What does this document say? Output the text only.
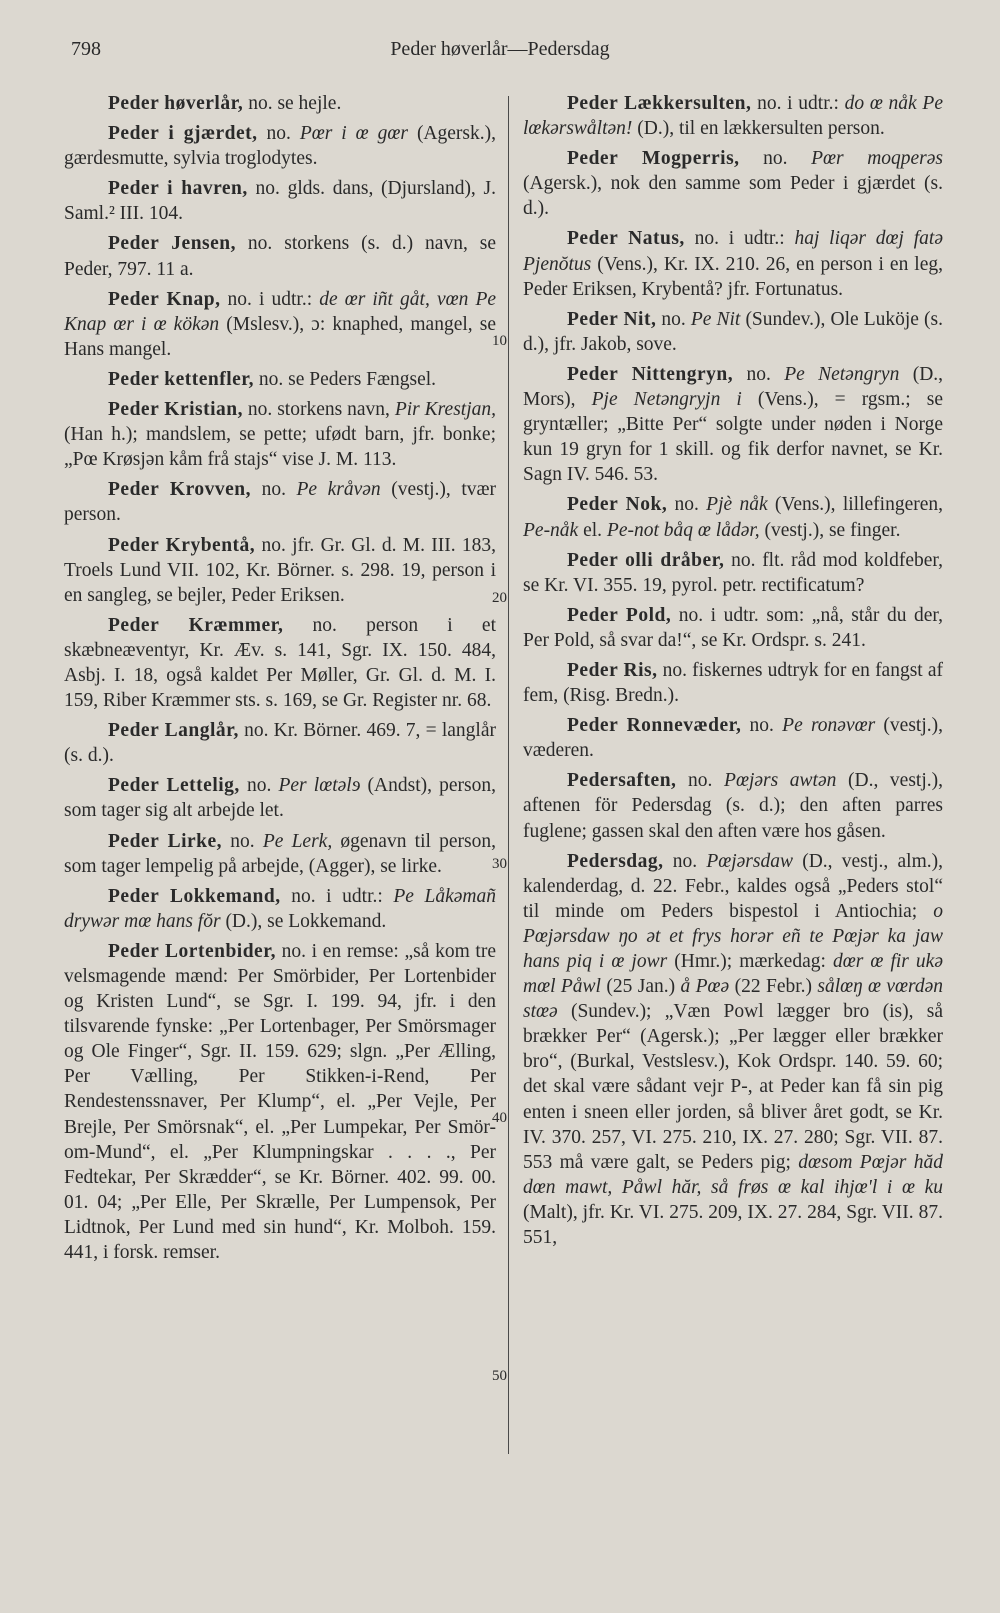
Peder høverlår—Pedersdag
798

Peder høverlår, no. se hejle.

Peder i gjærdet, no. Pœr i œ gœr (Agersk.), gærdesmutte, sylvia troglodytes.

Peder i havren, no. glds. dans, (Djursland), J. Saml.² III. 104.

Peder Jensen, no. storkens (s. d.) navn, se Peder, 797. 11 a.

Peder Knap, no. i udtr.: de œr iñt gåt, vœn Pe Knap œr i œ kökən (Mslesv.), ɔ: knaphed, mangel, se Hans mangel.

Peder kettenfler, no. se Peders Fængsel.

Peder Kristian, no. storkens navn, Pir Krestjan, (Han h.); mandslem, se pette; ufødt barn, jfr. bonke; „Pœ Krøsjən kåm frå stajs“ vise J. M. 113.

Peder Krovven, no. Pe kråvən (vestj.), tvær person.

Peder Krybentå, no. jfr. Gr. Gl. d. M. III. 183, Troels Lund VII. 102, Kr. Börner. s. 298. 19, person i en sangleg, se bejler, Peder Eriksen.

Peder Kræmmer, no. person i et skæbneæventyr, Kr. Æv. s. 141, Sgr. IX. 150. 484, Asbj. I. 18, også kaldet Per Møller, Gr. Gl. d. M. I. 159, Riber Kræmmer sts. s. 169, se Gr. Register nr. 68.

Peder Langlår, no. Kr. Börner. 469. 7, = langlår (s. d.).

Peder Lettelig, no. Per lœtəlɘ (Andst), person, som tager sig alt arbejde let.

Peder Lirke, no. Pe Lerk, øgenavn til person, som tager lempelig på arbejde, (Agger), se lirke.

Peder Lokkemand, no. i udtr.: Pe Låkəmañ drywər mœ hans fŏr (D.), se Lokkemand.

Peder Lortenbider, no. i en remse: „så kom tre velsmagende mænd: Per Smörbider, Per Lortenbider og Kristen Lund“, se Sgr. I. 199. 94, jfr. i den tilsvarende fynske: „Per Lortenbager, Per Smörsmager og Ole Finger“, Sgr. II. 159. 629; slgn. „Per Ælling, Per Vælling, Per Stikken-i-Rend, Per Rendestenssnaver, Per Klump“, el. „Per Vejle, Per Brejle, Per Smörsnak“, el. „Per Lumpekar, Per Smör-om-Mund“, el. „Per Klumpningskar . . . ., Per Fedtekar, Per Skrædder“, se Kr. Börner. 402. 99. 00. 01. 04; „Per Elle, Per Skrælle, Per Lumpensok, Per Lidtnok, Per Lund med sin hund“, Kr. Molboh. 159. 441, i forsk. remser.

Peder Lækkersulten, no. i udtr.: do œ nåk Pe lœkərswåltən! (D.), til en lækkersulten person.

Peder Mogperris, no. Pœr moqperəs (Agersk.), nok den samme som Peder i gjærdet (s. d.).

Peder Natus, no. i udtr.: haj liqər dœj fatə Pjenŏtus (Vens.), Kr. IX. 210. 26, en person i en leg, Peder Eriksen, Krybentå? jfr. Fortunatus.

Peder Nit, no. Pe Nit (Sundev.), Ole Luköje (s. d.), jfr. Jakob, sove.

Peder Nittengryn, no. Pe Netəngryn (D., Mors), Pje Netəngryjn i (Vens.), = rgsm.; se gryntæller; „Bitte Per“ solgte under nøden i Norge kun 19 gryn for 1 skill. og fik derfor navnet, se Kr. Sagn IV. 546. 53.

Peder Nok, no. Pjè nåk (Vens.), lillefingeren, Pe-nåk el. Pe-not båq œ lådər, (vestj.), se finger.

Peder olli dråber, no. flt. råd mod koldfeber, se Kr. VI. 355. 19, pyrol. petr. rectificatum?

Peder Pold, no. i udtr. som: „nå, står du der, Per Pold, så svar da!“, se Kr. Ordspr. s. 241.

Peder Ris, no. fiskernes udtryk for en fangst af fem, (Risg. Bredn.).

Peder Ronnevæder, no. Pe ronəvœr (vestj.), væderen.

Pedersaften, no. Pœjərs awtən (D., vestj.), aftenen för Pedersdag (s. d.); den aften parres fuglene; gassen skal den aften være hos gåsen.

Pedersdag, no. Pœjərsdaw (D., vestj., alm.), kalenderdag, d. 22. Febr., kaldes også „Peders stol“ til minde om Peders bispestol i Antiochia; o Pœjərsdaw ŋo ət et frys horər eñ te Pœjər ka jaw hans piq i œ jowr (Hmr.); mærkedag: dœr œ fir ukə mœl Påwl (25 Jan.) å Pœə (22 Febr.) sålœŋ œ vœrdən stœə (Sundev.); „Væn Powl lægger bro (is), så brækker Per“ (Agersk.); „Per lægger eller brækker bro“, (Burkal, Vestslesv.), Kok Ordspr. 140. 59. 60; det skal være sådant vejr P-, at Peder kan få sin pig enten i sneen eller jorden, så bliver året godt, se Kr. IV. 370. 257, VI. 275. 210, IX. 27. 280; Sgr. VII. 87. 553 må være galt, se Peders pig; dœsom Pœjər hăd dœn mawt, Påwl hăr, så frøs œ kal ihjœ'l i œ ku (Malt), jfr. Kr. VI. 275. 209, IX. 27. 284, Sgr. VII. 87. 551,

10
20
30
40
50
